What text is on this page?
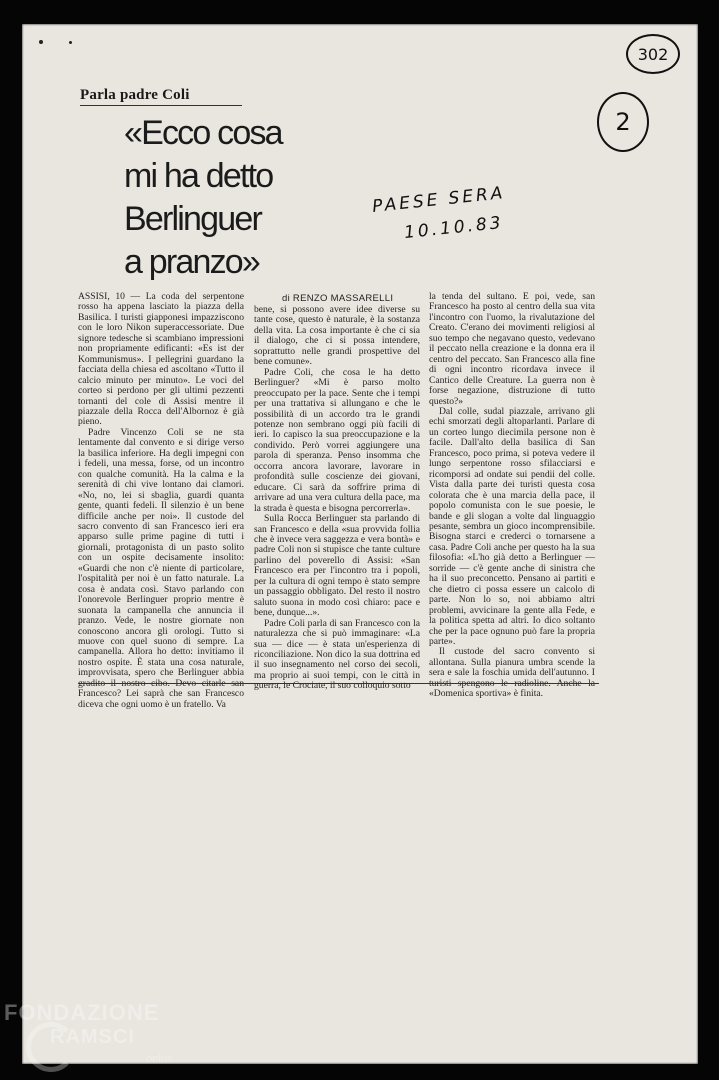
302
2
PAESE SERA
10.10.83
Parla padre Coli
«Ecco cosa
mi ha detto
Berlinguer
a pranzo»
di RENZO MASSARELLI

ASSISI, 10 — La coda del serpentone rosso ha appena lasciato la piazza della Basilica. I turisti giapponesi impazziscono con le loro Nikon superaccessoriate. Due signore tedesche si scambiano impressioni non propriamente edificanti: «Es ist der Kommunismus». I pellegrini guardano la facciata della chiesa ed ascoltano «Tutto il calcio minuto per minuto». Le voci del corteo si perdono per gli ultimi pezzenti tornanti del cole di Assisi mentre il piazzale della Rocca dell'Albornoz è già pieno.

Padre Vincenzo Coli se ne sta lentamente dal convento e si dirige verso la basilica inferiore. Ha degli impegni con i fedeli, una messa, forse, od un incontro con qualche comunità. Ha la calma e la serenità di chi vive lontano dai clamori. «No, no, lei si sbaglia, guardi quanta gente, quanti fedeli. Il silenzio è un bene difficile anche per noi». Il custode del sacro convento di san Francesco ieri era apparso sulle prime pagine di tutti i giornali, protagonista di un pasto solito con un ospite decisamente insolito: «Guardi che non c'è niente di particolare, l'ospitalità per noi è un fatto naturale. La cosa è andata così. Stavo parlando con l'onorevole Berlinguer proprio mentre è suonata la campanella che annuncia il pranzo. Vede, le nostre giornate non conoscono ancora gli orologi. Tutto si muove con quel suono di sempre. La campanella. Allora ho detto: invitiamo il nostro ospite. È stata una cosa naturale, improvvisata, spero che Berlinguer abbia gradito il nostro cibo. Devo citarle san Francesco? Lei saprà che san Francesco diceva che ogni uomo è un fratello. Va

bene, si possono avere idee diverse su tante cose, questo è naturale, è la sostanza della vita. La cosa importante è che ci sia il dialogo, che ci si possa intendere, soprattutto nelle grandi prospettive del bene comune».

Padre Coli, che cosa le ha detto Berlinguer? «Mi è parso molto preoccupato per la pace. Sente che i tempi per una trattativa si allungano e che le possibilità di un accordo tra le grandi potenze non sembrano oggi più facili di ieri. Io capisco la sua preoccupazione e la condivido. Però vorrei aggiungere una parola di speranza. Penso insomma che occorra ancora lavorare, lavorare in profondità sulle coscienze dei giovani, educare. Ci sarà da soffrire prima di arrivare ad una vera cultura della pace, ma la strada è questa e bisogna percorrerla».

Sulla Rocca Berlinguer sta parlando di san Francesco e della «sua provvida follia che è invece vera saggezza e vera bontà» e padre Coli non si stupisce che tante culture parlino del poverello di Assisi: «San Francesco era per l'incontro tra i popoli, per la cultura di ogni tempo è stato sempre un passaggio obbligato. Del resto il nostro saluto suona in modo così chiaro: pace e bene, dunque...».

Padre Coli parla di san Francesco con la naturalezza che si può immaginare: «La sua — dice — è stata un'esperienza di riconciliazione. Non dico la sua dottrina ed il suo insegnamento nel corso dei secoli, ma proprio ai suoi tempi, con le città in guerra, le Crociate, il suo colloquio sotto

la tenda del sultano. E poi, vede, san Francesco ha posto al centro della sua vita l'incontro con l'uomo, la rivalutazione del Creato. C'erano dei movimenti religiosi al suo tempo che negavano questo, vedevano il peccato nella creazione e la donna era il centro del peccato. San Francesco alla fine di ogni incontro ricordava invece il Cantico delle Creature. La guerra non è forse negazione, distruzione di tutto questo?»

Dal colle, sudal piazzale, arrivano gli echi smorzati degli altoparlanti. Parlare di un corteo lungo diecimila persone non è facile. Dall'alto della basilica di San Francesco, poco prima, si poteva vedere il lungo serpentone rosso sfilacciarsi e ricomporsi ad ondate sui pendii del colle. Vista dalla parte dei turisti questa cosa colorata che è una marcia della pace, il popolo comunista con le sue poesie, le bande e gli slogan a volte dal linguaggio pesante, sembra un gioco incomprensibile. Bisogna starci e crederci o tornarsene a casa. Padre Coli anche per questo ha la sua filosofia: «L'ho già detto a Berlinguer — sorride — c'è gente anche di sinistra che ha il suo preconcetto. Pensano ai partiti e che dietro ci possa essere un calcolo di parte. Non lo so, noi abbiamo altri problemi, avvicinare la gente alla Fede, e la politica spetta ad altri. Io dico soltanto che per la pace ognuno può fare la propria parte».

Il custode del sacro convento si allontana. Sulla pianura umbra scende la sera e sale la foschia umida dell'autunno. I turisti spengono le radioline. Anche la «Domenica sportiva» è finita.

FONDAZIONE
RAMSCI
onlus
